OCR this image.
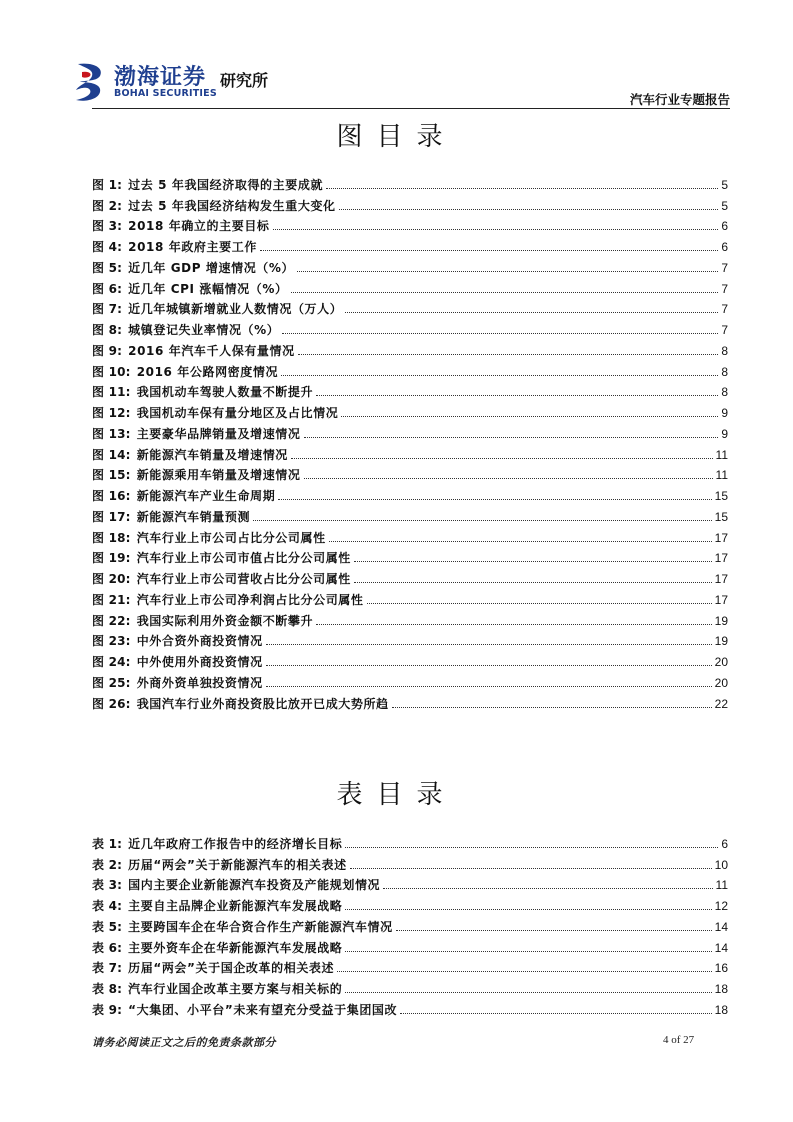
渤海证券
BOHAI SECURITIES
研究所
汽车行业专题报告
图目录
图 1: 过去 5 年我国经济取得的主要成就	5
图 2: 过去 5 年我国经济结构发生重大变化	5
图 3: 2018 年确立的主要目标	6
图 4: 2018 年政府主要工作	6
图 5: 近几年 GDP 增速情况（%）	7
图 6: 近几年 CPI 涨幅情况（%）	7
图 7: 近几年城镇新增就业人数情况（万人）	7
图 8: 城镇登记失业率情况（%）	7
图 9: 2016 年汽车千人保有量情况	8
图 10: 2016 年公路网密度情况	8
图 11: 我国机动车驾驶人数量不断提升	8
图 12: 我国机动车保有量分地区及占比情况	9
图 13: 主要豪华品牌销量及增速情况	9
图 14: 新能源汽车销量及增速情况	11
图 15: 新能源乘用车销量及增速情况	11
图 16: 新能源汽车产业生命周期	15
图 17: 新能源汽车销量预测	15
图 18: 汽车行业上市公司占比分公司属性	17
图 19: 汽车行业上市公司市值占比分公司属性	17
图 20: 汽车行业上市公司营收占比分公司属性	17
图 21: 汽车行业上市公司净利润占比分公司属性	17
图 22: 我国实际利用外资金额不断攀升	19
图 23: 中外合资外商投资情况	19
图 24: 中外使用外商投资情况	20
图 25: 外商外资单独投资情况	20
图 26: 我国汽车行业外商投资股比放开已成大势所趋	22
表目录
表 1: 近几年政府工作报告中的经济增长目标	6
表 2: 历届“两会”关于新能源汽车的相关表述	10
表 3: 国内主要企业新能源汽车投资及产能规划情况	11
表 4: 主要自主品牌企业新能源汽车发展战略	12
表 5: 主要跨国车企在华合资合作生产新能源汽车情况	14
表 6: 主要外资车企在华新能源汽车发展战略	14
表 7: 历届“两会”关于国企改革的相关表述	16
表 8: 汽车行业国企改革主要方案与相关标的	18
表 9: “大集团、小平台”未来有望充分受益于集团国改	18
请务必阅读正文之后的免责条款部分	4 of 27
